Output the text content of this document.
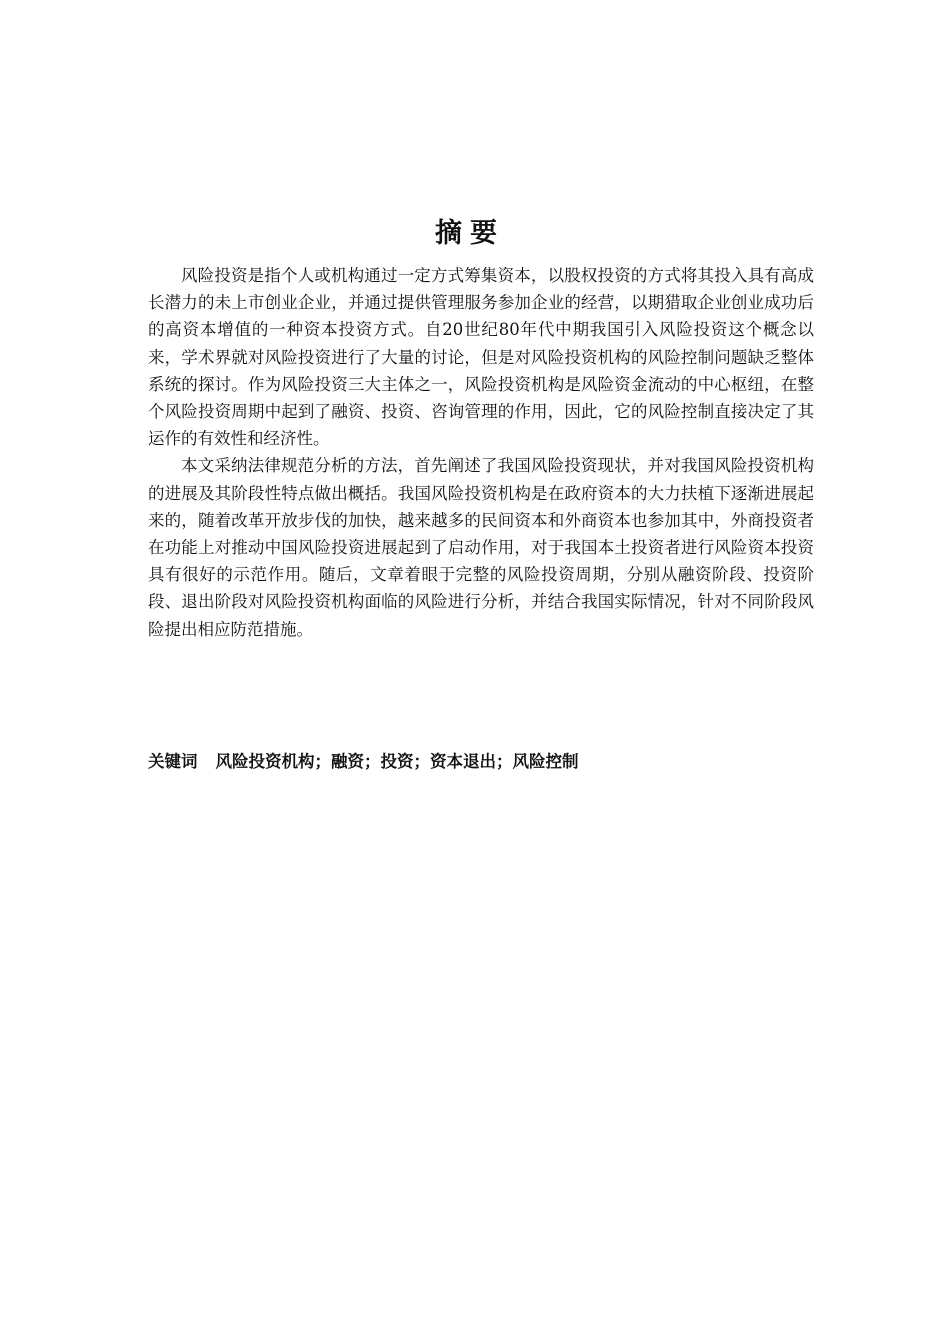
摘要

风险投资是指个人或机构通过一定方式筹集资本，以股权投资的方式将其投入具有高成长潜力的未上市创业企业，并通过提供管理服务参加企业的经营，以期猎取企业创业成功后的高资本增值的一种资本投资方式。自20世纪80年代中期我国引入风险投资这个概念以来，学术界就对风险投资进行了大量的讨论，但是对风险投资机构的风险控制问题缺乏整体系统的探讨。作为风险投资三大主体之一，风险投资机构是风险资金流动的中心枢纽，在整个风险投资周期中起到了融资、投资、咨询管理的作用，因此，它的风险控制直接决定了其运作的有效性和经济性。

本文采纳法律规范分析的方法，首先阐述了我国风险投资现状，并对我国风险投资机构的进展及其阶段性特点做出概括。我国风险投资机构是在政府资本的大力扶植下逐渐进展起来的，随着改革开放步伐的加快，越来越多的民间资本和外商资本也参加其中，外商投资者在功能上对推动中国风险投资进展起到了启动作用，对于我国本土投资者进行风险资本投资具有很好的示范作用。随后，文章着眼于完整的风险投资周期，分别从融资阶段、投资阶段、退出阶段对风险投资机构面临的风险进行分析，并结合我国实际情况，针对不同阶段风险提出相应防范措施。

关键词 风险投资机构；融资；投资；资本退出；风险控制
